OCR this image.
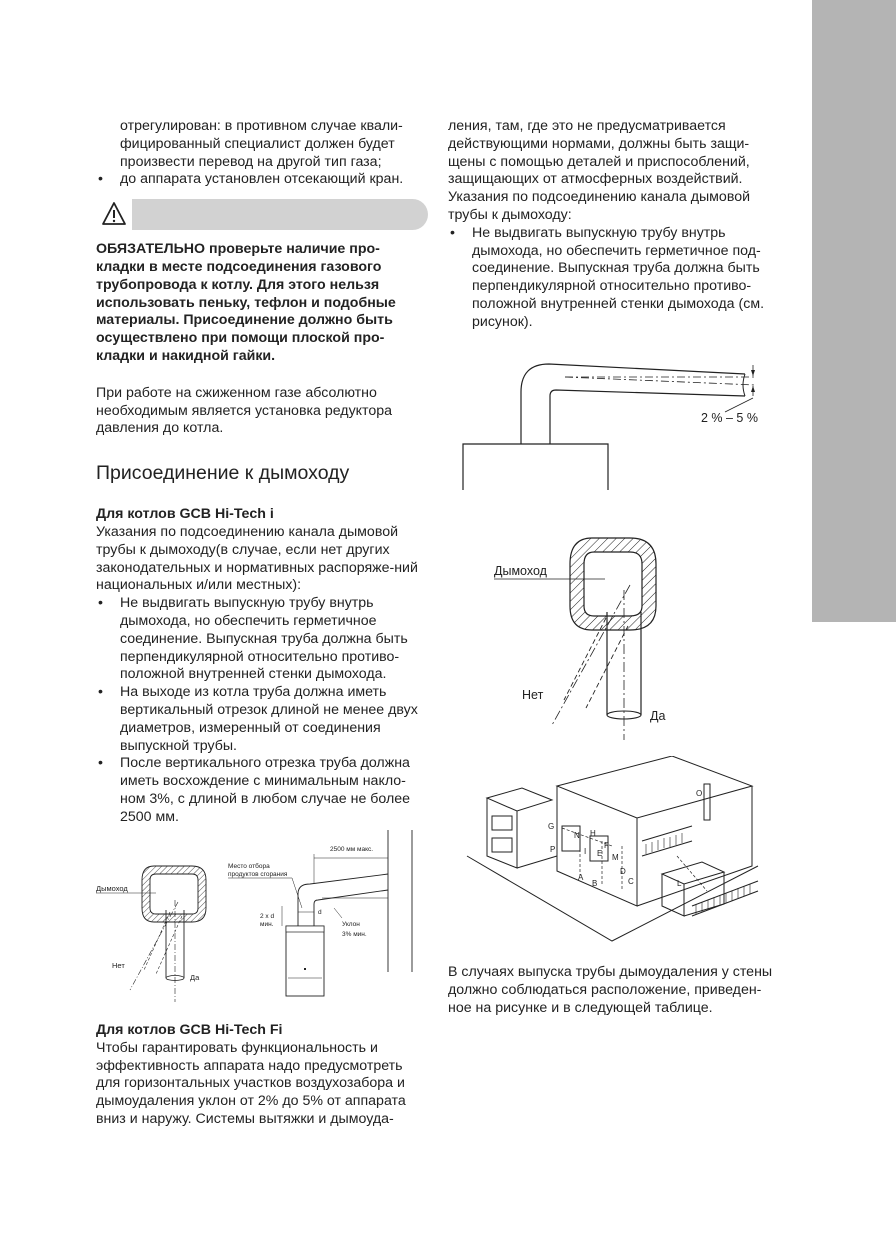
отрегулирован: в противном случае квали-

фицированный специалист должен будет

произвести перевод на другой тип газа;

• до аппарата установлен отсекающий кран.

ОБЯЗАТЕЛЬНО проверьте наличие про-кладки в месте подсоединения газового трубопровода к котлу. Для этого нельзя использовать пеньку, тефлон и подобные материалы. Присоединение должно быть осуществлено при помощи плоской про-кладки и накидной гайки.

При работе на сжиженном газе абсолютно необходимым является установка редуктора давления до котла.

Присоединение к дымоходу

Для котлов GCB Hi-Tech i

Указания по подсоединению канала дымовой трубы к дымоходу(в случае, если нет других законодательных и нормативных распоряже-ний национальных и/или местных):

• Не выдвигать выпускную трубу внутрь дымохода, но обеспечить герметичное соединение. Выпускная труба должна быть перпендикулярной относительно противо-положной внутренней стенки дымохода.
• На выходе из котла труба должна иметь вертикальный отрезок длиной не менее двух диаметров, измеренный от соединения выпускной трубы.
• После вертикального отрезка труба должна иметь восхождение с минимальным накло-ном 3%, с длиной в любом случае не более 2500 мм.

Для котлов GCB Hi-Tech Fi

Чтобы гарантировать функциональность и эффективность аппарата надо предусмотреть для горизонтальных участков воздухозабора и дымоудаления уклон от 2% до 5% от аппарата вниз и наружу. Системы вытяжки и дымоуда-

ления, там, где это не предусматривается действующими нормами, должны быть защи-щены с помощью деталей и приспособлений, защищающих от атмосферных воздействий. Указания по подсоединению канала дымовой трубы к дымоходу:

• Не выдвигать выпускную трубу внутрь дымохода, но обеспечить герметичное под-соединение. Выпускная труба должна быть перпендикулярной относительно противо-положной внутренней стенки дымохода (см. рисунок).

В случаях выпуска трубы дымоудаления у стены должно соблюдаться расположение, приведен-ное на рисунке и в следующей таблице.

2 % – 5 %
Дымоход
Нет
Да
G
N H
I E
F
M
A
B
D
C	L
P
O
Дымоход
Нет
Да
2500 мм макс.
Место отбора
продуктов сгорания
2 x d
мин.
d
Уклон
3% мин.
